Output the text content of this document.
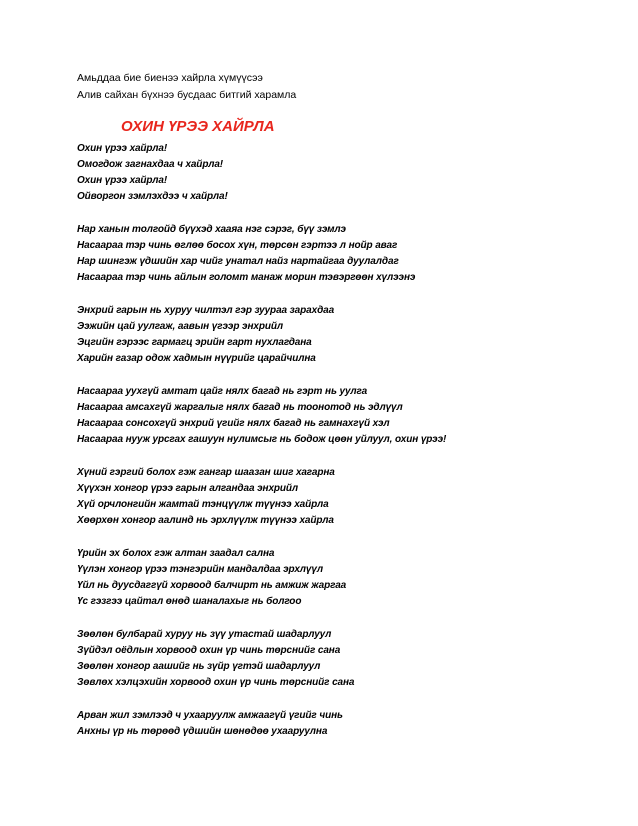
Амьддаа бие биенээ хайрла хүмүүсээ
Алив сайхан бүхнээ бусдаас битгий харамла
ОХИН ҮРЭЭ ХАЙРЛА
Охин үрээ хайрла!
Омогдож загнахдаа ч хайрла!
Охин үрээ хайрла!
Ойворгон зэмлэхдээ ч хайрла!
Нар ханын толгойд бүүхэд хааяа нэг сэрэг, бүү зэмлэ
Насаараа тэр чинь өглөө босох хүн, төрсөн гэртээ л нойр аваг
Нар шингэж үдшийн хар чийг унатал найз нартайгаа дуулалдаг
Насаараа тэр чинь айлын голомт манаж морин тэвэргөөн хүлээнэ
Энхрий гарын нь хуруу чилтэл гэр зуураа зарахдаа
Ээжийн цай уулгаж, аавын үгээр энхрийл
Эцгийн гэрээс гармагц эрийн гарт нухлагдана
Харийн газар одож хадмын нүүрийг царайчилна
Насаараа уухгүй амтат цайг нялх багад нь гэрт нь уулга
Насаараа амсахгүй жаргалыг нялх багад нь тоонотод нь эдлүүл
Насаараа сонсохгүй энхрий үгийг нялх багад нь гамнахгүй хэл
Насаараа нууж урсгах гашуун нулимсыг нь бодож цөөн уйлуул, охин үрээ!
Хүний гэргий болох гэж гангар шаазан шиг хагарна
Хүүхэн хонгор үрээ гарын алгандаа энхрийл
Хүй орчлонгийн жамтай тэнцүүлж түүнээ хайрла
Хөөрхөн хонгор аалинд нь эрхлүүлж түүнээ хайрла
Үрийн эх болох гэж алтан заадал сална
Үүлэн хонгор үрээ тэнгэрийн мандалдаа эрхлүүл
Үйл нь дуусдаггүй хорвоод балчирт нь амжиж жаргаа
Үс гэзгээ цайтал өнөд шаналахыг нь болгоо
Зөөлөн булбарай хуруу нь зүү утастай шадарлуул
Зүйдэл оёдлын хорвоод охин үр чинь төрснийг сана
Зөөлөн хонгор аашийг нь зүйр үгтэй шадарлуул
Зөвлөх хэлцэхийн хорвоод охин үр чинь төрснийг сана
Арван жил зэмлээд ч ухааруулж амжаагүй үгийг чинь
Анхны үр нь төрөөд үдшийн шөнөдөө ухааруулна
